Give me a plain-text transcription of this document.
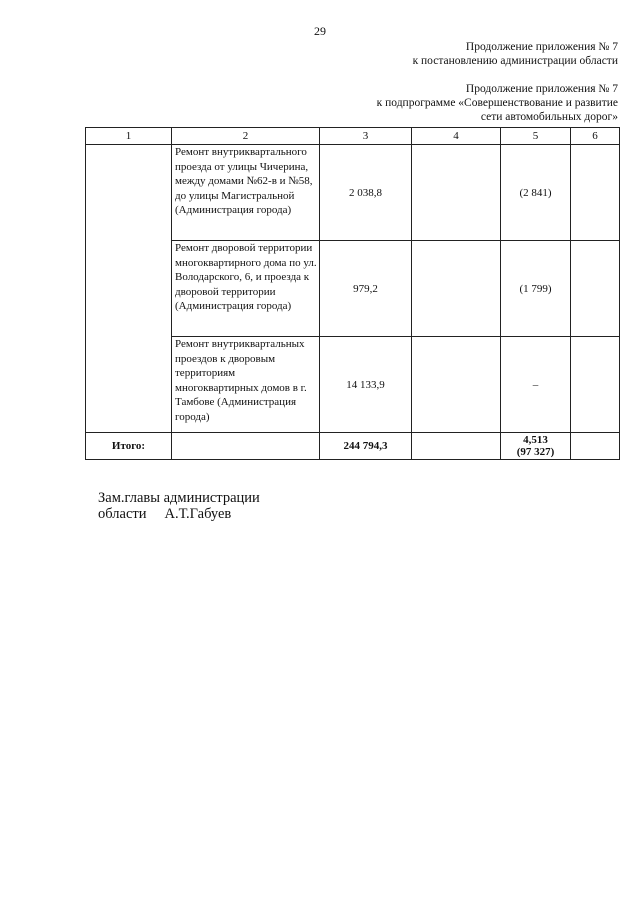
29
Продолжение приложения № 7
к постановлению администрации области
Продолжение приложения № 7
к подпрограмме «Совершенствование и развитие
сети автомобильных дорог»
1	2	3	4	5	6
	Ремонт внутриквартального проезда от улицы Чичерина, между домами №62-в и №58, до улицы Магистральной (Администрация города)	2 038,8		(2 841)	
	Ремонт дворовой территории многоквартирного дома по ул. Володарского, 6, и проезда к дворовой территории (Администрация города)	979,2		(1 799)	
	Ремонт внутриквартальных проездов к дворовым территориям многоквартирных домов в г. Тамбове (Администрация города)	14 133,9		–	
Итого:		244 794,3		4,513
(97 327)	

Зам.главы администрации
области А.Т.Габуев
